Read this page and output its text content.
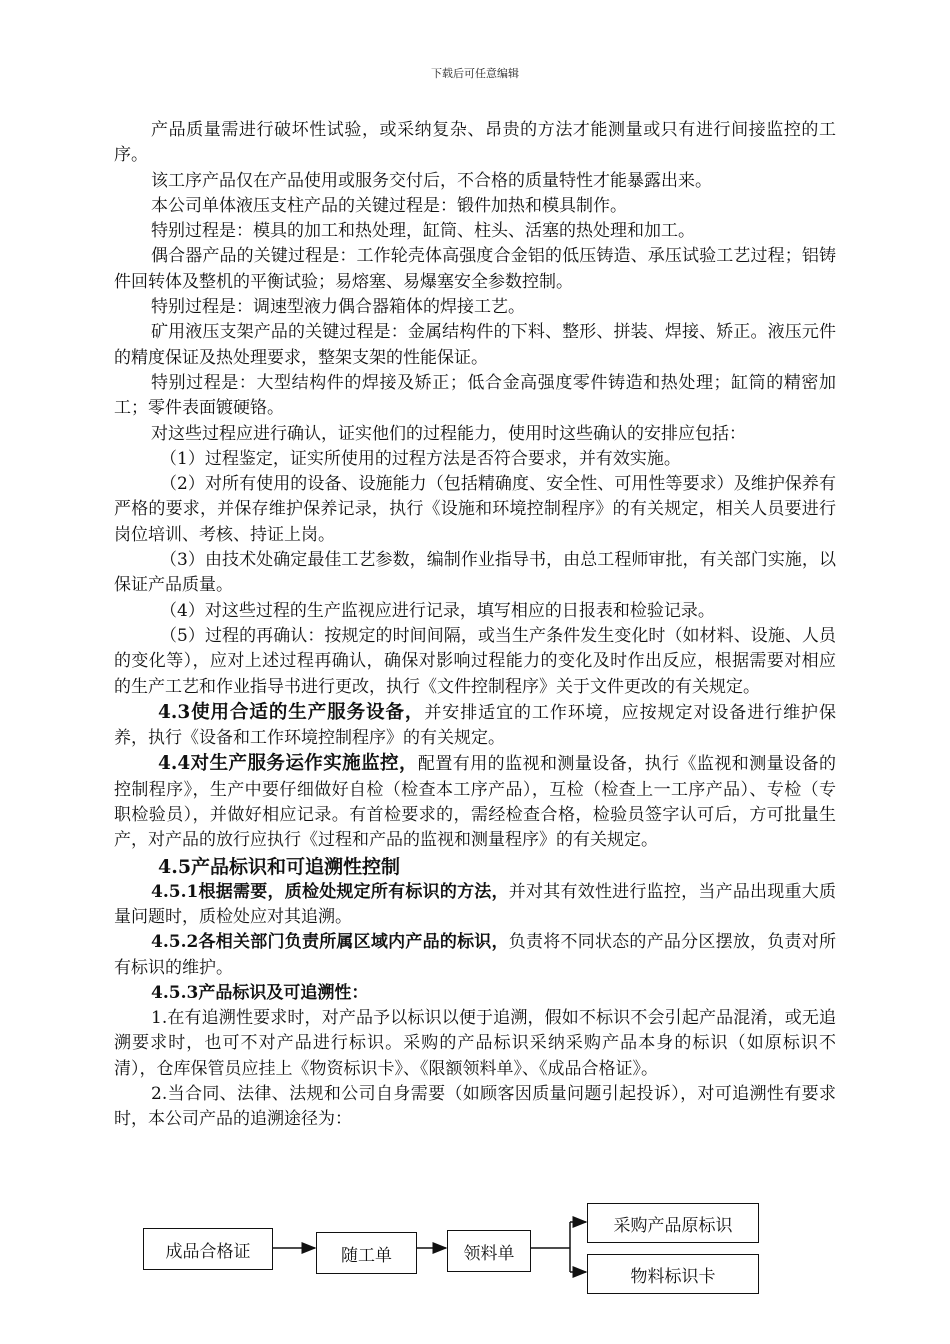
下载后可任意编辑

产品质量需进行破坏性试验，或采纳复杂、昂贵的方法才能测量或只有进行间接监控的工序。

该工序产品仅在产品使用或服务交付后，不合格的质量特性才能暴露出来。

本公司单体液压支柱产品的关键过程是：锻件加热和模具制作。

特别过程是：模具的加工和热处理，缸筒、柱头、活塞的热处理和加工。

偶合器产品的关键过程是：工作轮壳体高强度合金铝的低压铸造、承压试验工艺过程；铝铸件回转体及整机的平衡试验；易熔塞、易爆塞安全参数控制。

特别过程是：调速型液力偶合器箱体的焊接工艺。

矿用液压支架产品的关键过程是：金属结构件的下料、整形、拼装、焊接、矫正。液压元件的精度保证及热处理要求，整架支架的性能保证。

特别过程是：大型结构件的焊接及矫正；低合金高强度零件铸造和热处理；缸筒的精密加工；零件表面镀硬铬。

对这些过程应进行确认，证实他们的过程能力，使用时这些确认的安排应包括：

（1）过程鉴定，证实所使用的过程方法是否符合要求，并有效实施。

（2）对所有使用的设备、设施能力（包括精确度、安全性、可用性等要求）及维护保养有严格的要求，并保存维护保养记录，执行《设施和环境控制程序》的有关规定，相关人员要进行岗位培训、考核、持证上岗。

（3）由技术处确定最佳工艺参数，编制作业指导书，由总工程师审批，有关部门实施，以保证产品质量。

（4）对这些过程的生产监视应进行记录，填写相应的日报表和检验记录。

（5）过程的再确认：按规定的时间间隔，或当生产条件发生变化时（如材料、设施、人员的变化等），应对上述过程再确认，确保对影响过程能力的变化及时作出反应，根据需要对相应的生产工艺和作业指导书进行更改，执行《文件控制程序》关于文件更改的有关规定。

4.3使用合适的生产服务设备，并安排适宜的工作环境，应按规定对设备进行维护保养，执行《设备和工作环境控制程序》的有关规定。

4.4对生产服务运作实施监控，配置有用的监视和测量设备，执行《监视和测量设备的控制程序》，生产中要仔细做好自检（检查本工序产品），互检（检查上一工序产品）、专检（专职检验员），并做好相应记录。有首检要求的，需经检查合格，检验员签字认可后，方可批量生产，对产品的放行应执行《过程和产品的监视和测量程序》的有关规定。

4.5产品标识和可追溯性控制

4.5.1根据需要，质检处规定所有标识的方法，并对其有效性进行监控，当产品出现重大质量问题时，质检处应对其追溯。

4.5.2各相关部门负责所属区域内产品的标识，负责将不同状态的产品分区摆放，负责对所有标识的维护。

4.5.3产品标识及可追溯性：

1.在有追溯性要求时，对产品予以标识以便于追溯，假如不标识不会引起产品混淆，或无追溯要求时，也可不对产品进行标识。采购的产品标识采纳采购产品本身的标识（如原标识不清），仓库保管员应挂上《物资标识卡》、《限额领料单》、《成品合格证》。

2.当合同、法律、法规和公司自身需要（如顾客因质量问题引起投诉），对可追溯性有要求时，本公司产品的追溯途径为：

成品合格证	随工单	领料单
采购产品原标识
物料标识卡
